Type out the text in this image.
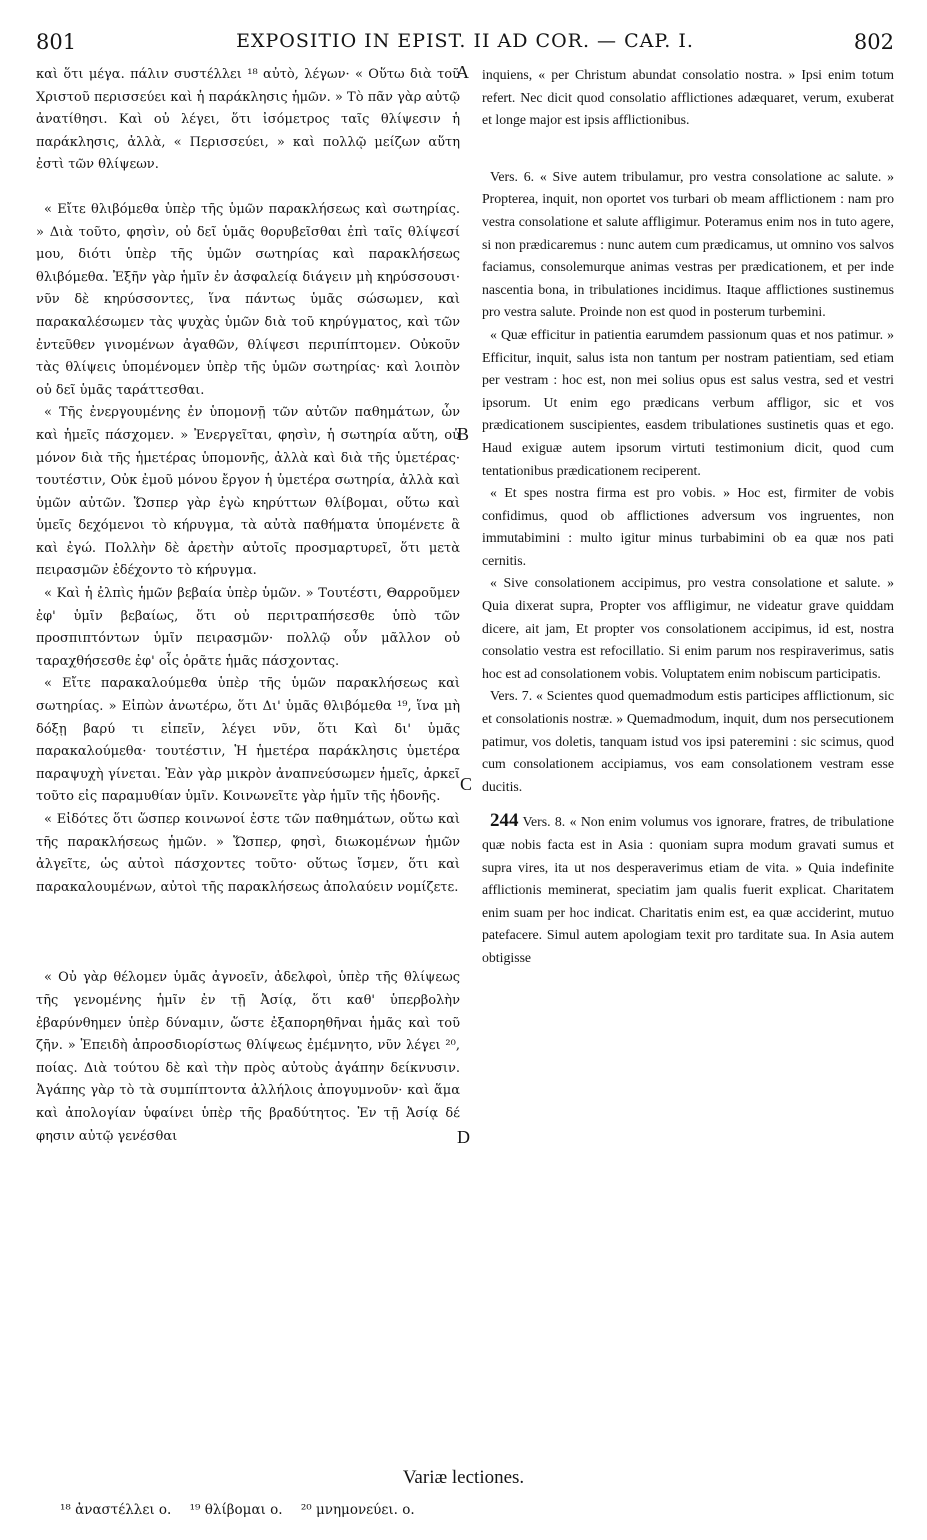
801	EXPOSITIO IN EPIST. II AD COR. — CAP. I.	802

καὶ ὅτι μέγα. πάλιν συστέλλει ¹⁸ αὐτὸ, λέγων· « Οὕτω διὰ τοῦ Χριστοῦ περισσεύει καὶ ἡ παράκλησις ἡμῶν. » Τὸ πᾶν γὰρ αὐτῷ ἀνατίθησι. Καὶ οὐ λέγει, ὅτι ἰσόμετρος ταῖς θλίψεσιν ἡ παράκλησις, ἀλλὰ, « Περισσεύει, » καὶ πολλῷ μείζων αὕτη ἐστὶ τῶν θλίψεων.

« Εἴτε θλιβόμεθα ὑπὲρ τῆς ὑμῶν παρακλήσεως καὶ σωτηρίας. » Διὰ τοῦτο, φησὶν, οὐ δεῖ ὑμᾶς θορυβεῖσθαι ἐπὶ ταῖς θλίψεσί μου, διότι ὑπὲρ τῆς ὑμῶν σωτηρίας καὶ παρακλήσεως θλιβόμεθα. Ἐξῆν γὰρ ἡμῖν ἐν ἀσφαλείᾳ διάγειν μὴ κηρύσσουσι· νῦν δὲ κηρύσσοντες, ἵνα πάντως ὑμᾶς σώσωμεν, καὶ παρακαλέσωμεν τὰς ψυχὰς ὑμῶν διὰ τοῦ κηρύγματος, καὶ τῶν ἐντεῦθεν γινομένων ἀγαθῶν, θλίψεσι περιπίπτομεν. Οὐκοῦν τὰς θλίψεις ὑπομένομεν ὑπὲρ τῆς ὑμῶν σωτηρίας· καὶ λοιπὸν οὐ δεῖ ὑμᾶς ταράττεσθαι.

« Τῆς ἐνεργουμένης ἐν ὑπομονῇ τῶν αὐτῶν παθημάτων, ὧν καὶ ἡμεῖς πάσχομεν. » Ἐνεργεῖται, φησὶν, ἡ σωτηρία αὕτη, οὐ μόνον διὰ τῆς ἡμετέρας ὑπομονῆς, ἀλλὰ καὶ διὰ τῆς ὑμετέρας· τουτέστιν, Οὐκ ἐμοῦ μόνου ἔργον ἡ ὑμετέρα σωτηρία, ἀλλὰ καὶ ὑμῶν αὐτῶν. Ὥσπερ γὰρ ἐγὼ κηρύττων θλίβομαι, οὕτω καὶ ὑμεῖς δεχόμενοι τὸ κήρυγμα, τὰ αὐτὰ παθήματα ὑπομένετε ἃ καὶ ἐγώ. Πολλὴν δὲ ἀρετὴν αὐτοῖς προσμαρτυρεῖ, ὅτι μετὰ πειρασμῶν ἐδέχοντο τὸ κήρυγμα.

« Καὶ ἡ ἐλπὶς ἡμῶν βεβαία ὑπὲρ ὑμῶν. » Τουτέστι, Θαρροῦμεν ἐφ' ὑμῖν βεβαίως, ὅτι οὐ περιτραπήσεσθε ὑπὸ τῶν προσπιπτόντων ὑμῖν πειρασμῶν· πολλῷ οὖν μᾶλλον οὐ ταραχθήσεσθε ἐφ' οἷς ὁρᾶτε ἡμᾶς πάσχοντας.

« Εἴτε παρακαλούμεθα ὑπὲρ τῆς ὑμῶν παρακλήσεως καὶ σωτηρίας. » Εἰπὼν ἀνωτέρω, ὅτι Δι' ὑμᾶς θλιβόμεθα ¹⁹, ἵνα μὴ δόξῃ βαρύ τι εἰπεῖν, λέγει νῦν, ὅτι Καὶ δι' ὑμᾶς παρακαλούμεθα· τουτέστιν, Ἡ ἡμετέρα παράκλησις ὑμετέρα παραψυχὴ γίνεται. Ἐὰν γὰρ μικρὸν ἀναπνεύσωμεν ἡμεῖς, ἀρκεῖ τοῦτο εἰς παραμυθίαν ὑμῖν. Κοινωνεῖτε γὰρ ἡμῖν τῆς ἡδονῆς.

« Εἰδότες ὅτι ὥσπερ κοινωνοί ἐστε τῶν παθημάτων, οὕτω καὶ τῆς παρακλήσεως ἡμῶν. » Ὥσπερ, φησὶ, διωκομένων ἡμῶν ἀλγεῖτε, ὡς αὐτοὶ πάσχοντες τοῦτο· οὕτως ἴσμεν, ὅτι καὶ παρακαλουμένων, αὐτοὶ τῆς παρακλήσεως ἀπολαύειν νομίζετε.

« Οὐ γὰρ θέλομεν ὑμᾶς ἀγνοεῖν, ἀδελφοὶ, ὑπὲρ τῆς θλίψεως τῆς γενομένης ἡμῖν ἐν τῇ Ἀσίᾳ, ὅτι καθ' ὑπερβολὴν ἐβαρύνθημεν ὑπὲρ δύναμιν, ὥστε ἐξαπορηθῆναι ἡμᾶς καὶ τοῦ ζῆν. » Ἐπειδὴ ἀπροσδιορίστως θλίψεως ἐμέμνητο, νῦν λέγει ²⁰, ποίας. Διὰ τούτου δὲ καὶ τὴν πρὸς αὐτοὺς ἀγάπην δείκνυσιν. Ἀγάπης γὰρ τὸ τὰ συμπίπτοντα ἀλλήλοις ἀπογυμνοῦν· καὶ ἅμα καὶ ἀπολογίαν ὑφαίνει ὑπὲρ τῆς βραδύτητος. Ἐν τῇ Ἀσίᾳ δέ φησιν αὐτῷ γενέσθαι

A
B
C
D

inquiens, « per Christum abundat consolatio nostra. » Ipsi enim totum refert. Nec dicit quod consolatio afflictiones adæquaret, verum, exuberat et longe major est ipsis afflictionibus.

Vers. 6. « Sive autem tribulamur, pro vestra consolatione ac salute. » Propterea, inquit, non oportet vos turbari ob meam afflictionem : nam pro vestra consolatione et salute affligimur. Poteramus enim nos in tuto agere, si non prædicaremus : nunc autem cum prædicamus, ut omnino vos salvos faciamus, consolemurque animas vestras per prædicationem, et per inde nascentia bona, in tribulationes incidimus. Itaque afflictiones sustinemus pro vestra salute. Proinde non est quod in posterum turbemini.

« Quæ efficitur in patientia earumdem passionum quas et nos patimur. » Efficitur, inquit, salus ista non tantum per nostram patientiam, sed etiam per vestram : hoc est, non mei solius opus est salus vestra, sed et vestri ipsorum. Ut enim ego prædicans verbum affligor, sic et vos prædicationem suscipientes, easdem tribulationes sustinetis quas et ego. Haud exiguæ autem ipsorum virtuti testimonium dicit, quod cum tentationibus prædicationem reciperent.

« Et spes nostra firma est pro vobis. » Hoc est, firmiter de vobis confidimus, quod ob afflictiones adversum vos ingruentes, non immutabimini : multo igitur minus turbabimini ob ea quæ nos pati cernitis.

« Sive consolationem accipimus, pro vestra consolatione et salute. » Quia dixerat supra, Propter vos affligimur, ne videatur grave quiddam dicere, ait jam, Et propter vos consolationem accipimus, id est, nostra consolatio vestra est refocillatio. Si enim parum nos respiraverimus, satis hoc est ad consolationem vobis. Voluptatem enim nobiscum participatis.

Vers. 7. « Scientes quod quemadmodum estis participes afflictionum, sic et consolationis nostræ. » Quemadmodum, inquit, dum nos persecutionem patimur, vos doletis, tanquam istud vos ipsi pateremini : sic scimus, quod cum consolationem accipiamus, vos eam consolationem vestram esse ducitis.

244 Vers. 8. « Non enim volumus vos ignorare, fratres, de tribulatione quæ nobis facta est in Asia : quoniam supra modum gravati sumus et supra vires, ita ut nos desperaverimus etiam de vita. » Quia indefinite afflictionis meminerat, speciatim jam qualis fuerit explicat. Charitatem enim suam per hoc indicat. Charitatis enim est, ea quæ acciderint, mutuo patefacere. Simul autem apologiam texit pro tarditate sua. In Asia autem obtigisse

Variæ lectiones.
¹⁸ ἀναστέλλει ο. ¹⁹ θλίβομαι ο. ²⁰ μνημονεύει. ο.
